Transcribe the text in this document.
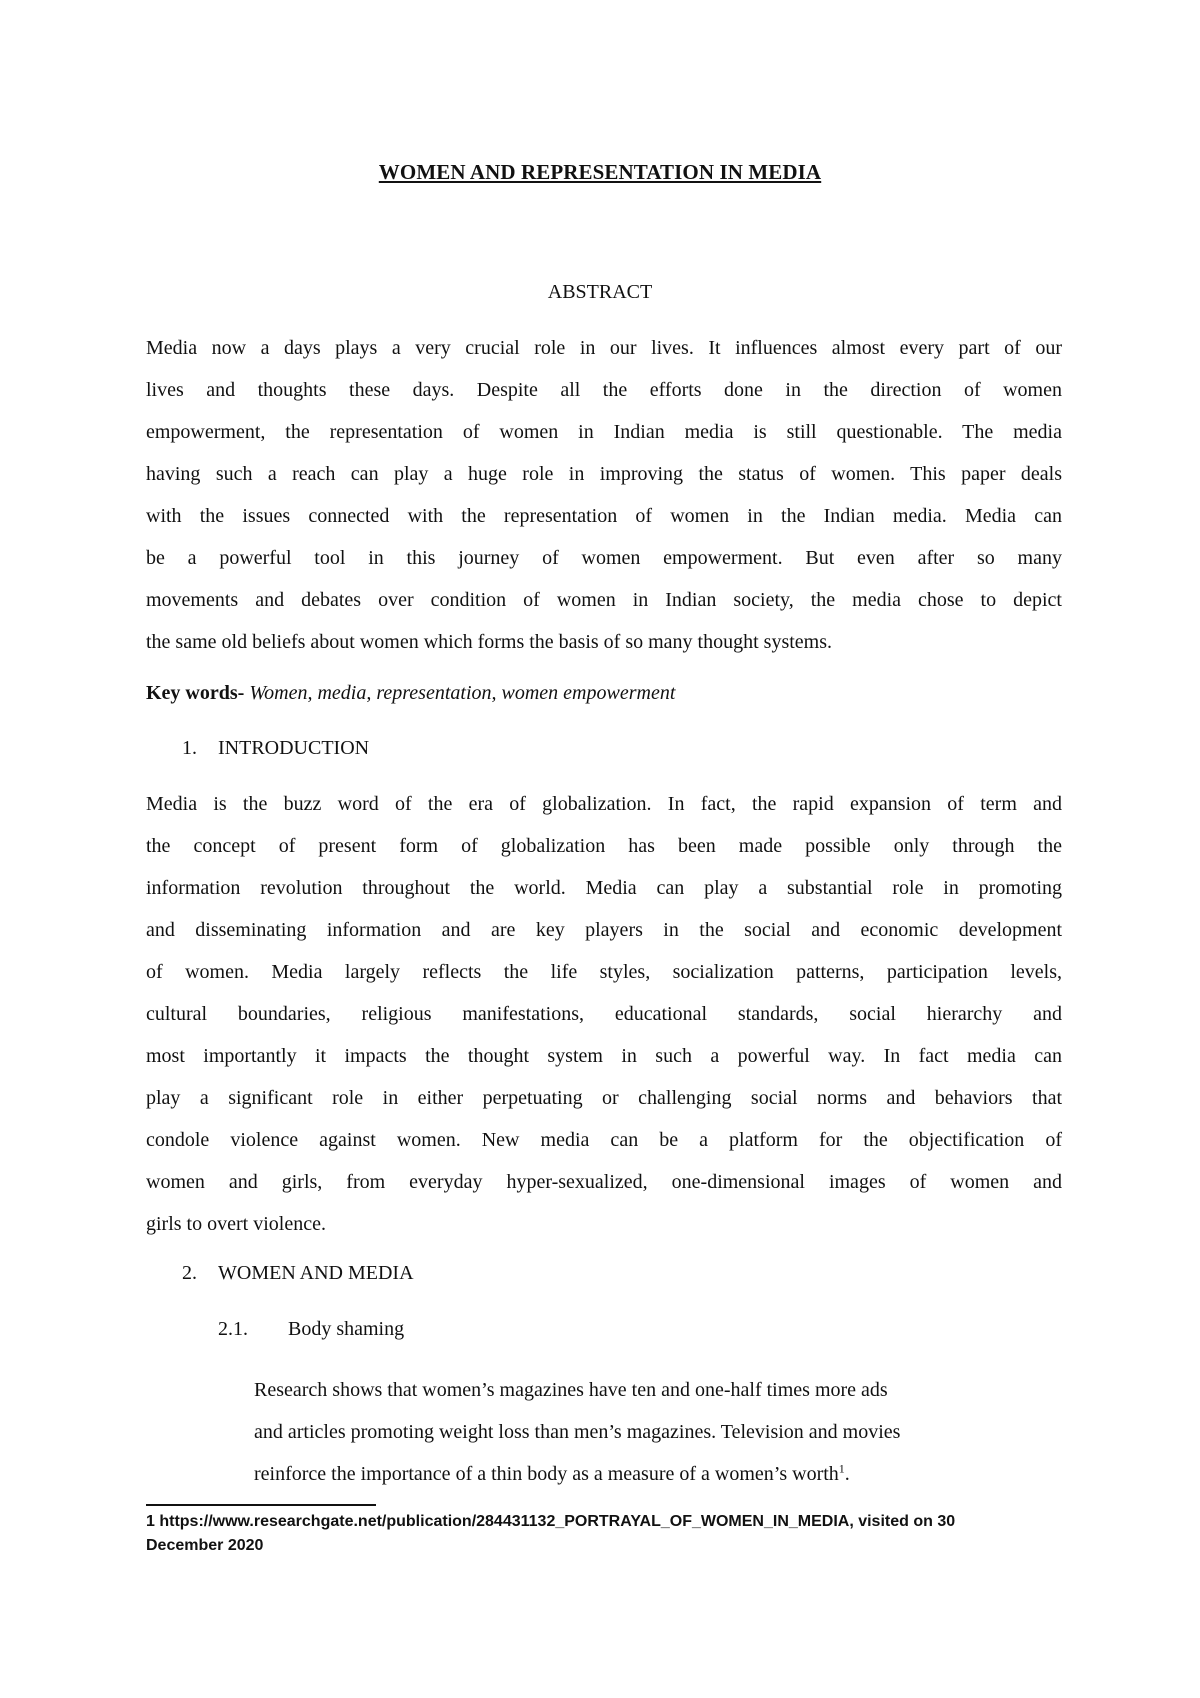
WOMEN AND REPRESENTATION IN MEDIA
ABSTRACT
Media now a days plays a very crucial role in our lives. It influences almost every part of our
lives and thoughts these days. Despite all the efforts done in the direction of women
empowerment, the representation of women in Indian media is still questionable. The media
having such a reach can play a huge role in improving the status of women. This paper deals
with the issues connected with the representation of women in the Indian media. Media can
be a powerful tool in this journey of women empowerment. But even after so many
movements and debates over condition of women in Indian society, the media chose to depict
the same old beliefs about women which forms the basis of so many thought systems.
Key words- Women, media, representation, women empowerment
1. INTRODUCTION
Media is the buzz word of the era of globalization. In fact, the rapid expansion of term and
the concept of present form of globalization has been made possible only through the
information revolution throughout the world. Media can play a substantial role in promoting
and disseminating information and are key players in the social and economic development
of women. Media largely reflects the life styles, socialization patterns, participation levels,
cultural boundaries, religious manifestations, educational standards, social hierarchy and
most importantly it impacts the thought system in such a powerful way. In fact media can
play a significant role in either perpetuating or challenging social norms and behaviors that
condole violence against women. New media can be a platform for the objectification of
women and girls, from everyday hyper-sexualized, one-dimensional images of women and
girls to overt violence.
2. WOMEN AND MEDIA
2.1. Body shaming
Research shows that women’s magazines have ten and one-half times more ads
and articles promoting weight loss than men’s magazines. Television and movies
reinforce the importance of a thin body as a measure of a women’s worth$^1$.
1 https://www.researchgate.net/publication/284431132_PORTRAYAL_OF_WOMEN_IN_MEDIA, visited on 30
December 2020
